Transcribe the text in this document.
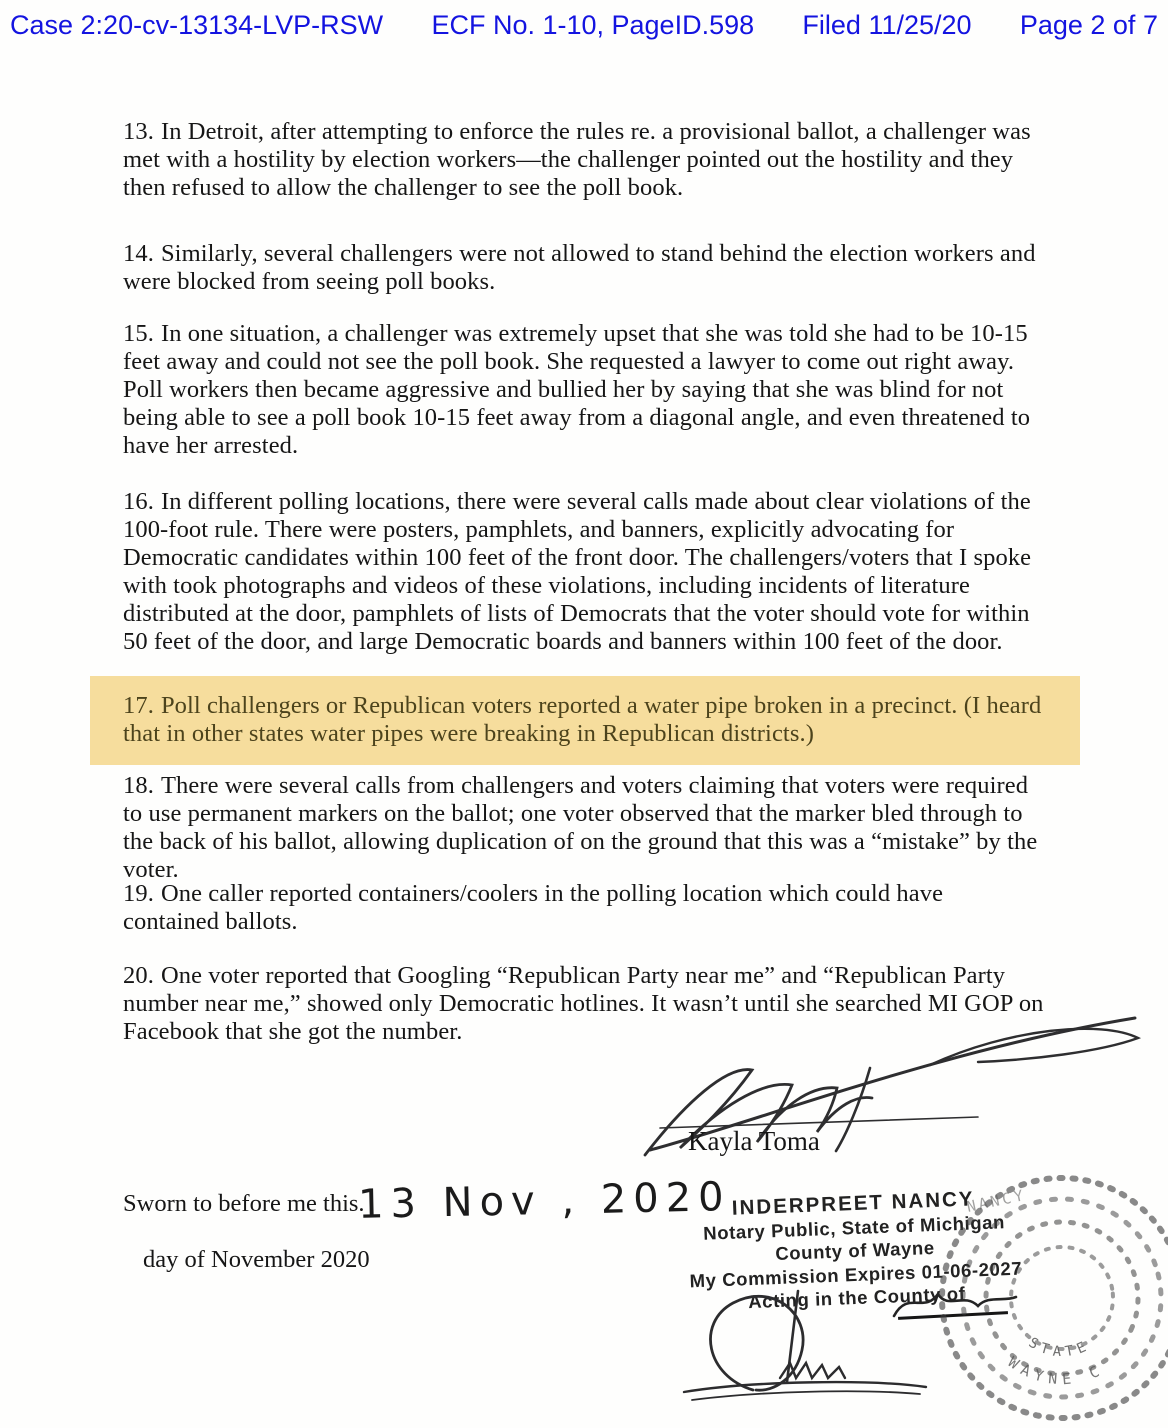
Case 2:20-cv-13134-LVP-RSW ECF No. 1-10, PageID.598 Filed 11/25/20 Page 2 of 7
13. In Detroit, after attempting to enforce the rules re. a provisional ballot, a challenger was met with a hostility by election workers—the challenger pointed out the hostility and they then refused to allow the challenger to see the poll book.
14. Similarly, several challengers were not allowed to stand behind the election workers and were blocked from seeing poll books.
15. In one situation, a challenger was extremely upset that she was told she had to be 10-15 feet away and could not see the poll book. She requested a lawyer to come out right away. Poll workers then became aggressive and bullied her by saying that she was blind for not being able to see a poll book 10-15 feet away from a diagonal angle, and even threatened to have her arrested.
16. In different polling locations, there were several calls made about clear violations of the 100-foot rule. There were posters, pamphlets, and banners, explicitly advocating for Democratic candidates within 100 feet of the front door. The challengers/voters that I spoke with took photographs and videos of these violations, including incidents of literature distributed at the door, pamphlets of lists of Democrats that the voter should vote for within 50 feet of the door, and large Democratic boards and banners within 100 feet of the door.
17. Poll challengers or Republican voters reported a water pipe broken in a precinct. (I heard that in other states water pipes were breaking in Republican districts.)
18. There were several calls from challengers and voters claiming that voters were required to use permanent markers on the ballot; one voter observed that the marker bled through to the back of his ballot, allowing duplication of on the ground that this was a “mistake” by the voter.
19. One caller reported containers/coolers in the polling location which could have contained ballots.
20. One voter reported that Googling “Republican Party near me” and “Republican Party number near me,” showed only Democratic hotlines. It wasn’t until she searched MI GOP on Facebook that she got the number.
Kayla Toma
Sworn to before me this.
13 Nov , 2020
day of November 2020
INDERPREET NANCY
Notary Public, State of Michigan
County of Wayne
My Commission Expires 01-06-2027
Acting in the County of
WAYNE C
STATE
NANCY
